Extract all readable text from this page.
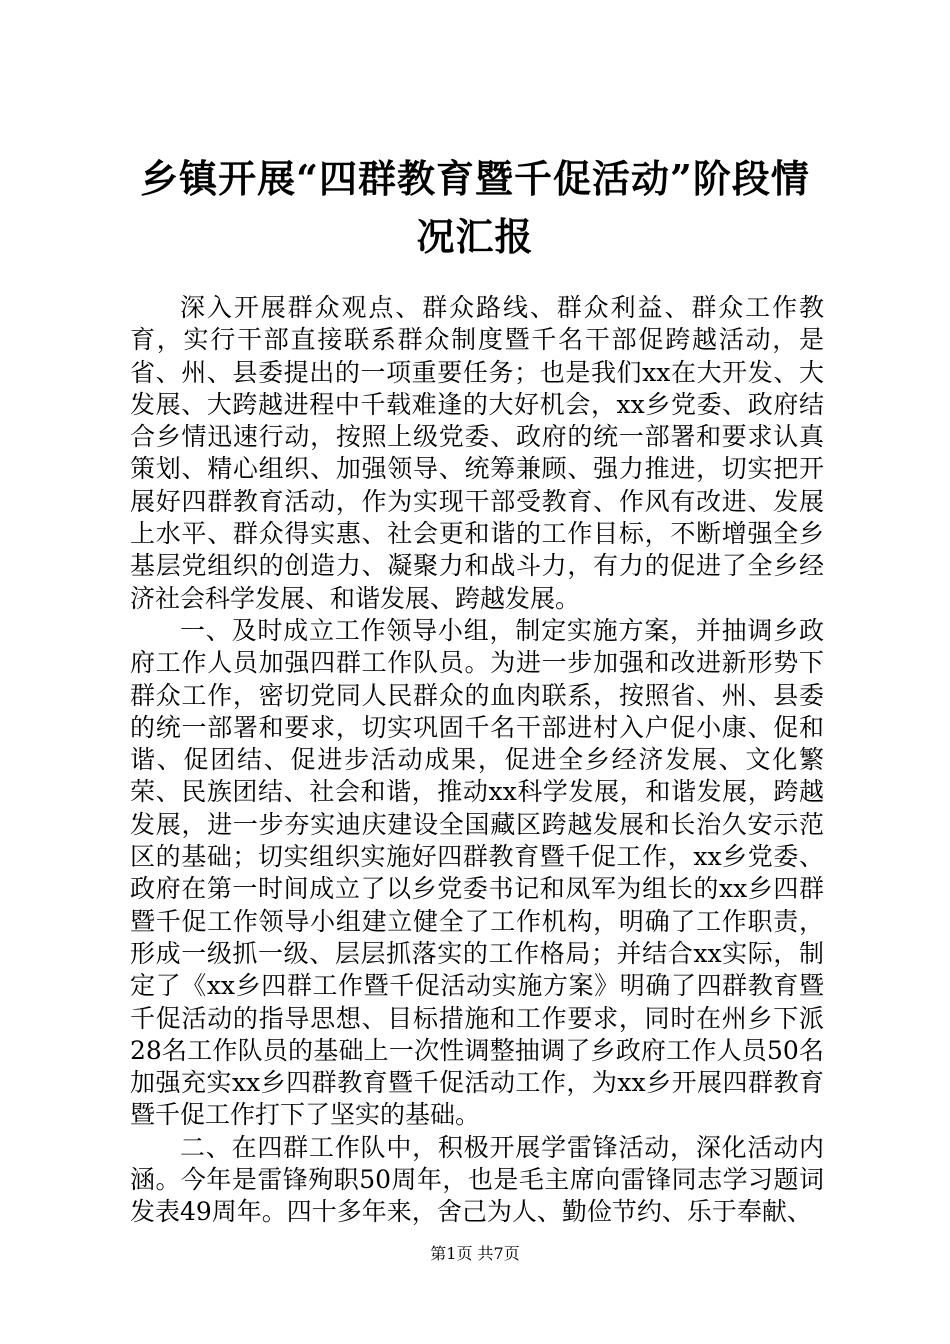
乡镇开展“四群教育暨千促活动”阶段情况汇报

深入开展群众观点、群众路线、群众利益、群众工作教育，实行干部直接联系群众制度暨千名干部促跨越活动，是省、州、县委提出的一项重要任务；也是我们xx在大开发、大发展、大跨越进程中千载难逢的大好机会，xx乡党委、政府结合乡情迅速行动，按照上级党委、政府的统一部署和要求认真策划、精心组织、加强领导、统筹兼顾、强力推进，切实把开展好四群教育活动，作为实现干部受教育、作风有改进、发展上水平、群众得实惠、社会更和谐的工作目标，不断增强全乡基层党组织的创造力、凝聚力和战斗力，有力的促进了全乡经济社会科学发展、和谐发展、跨越发展。

一、及时成立工作领导小组，制定实施方案，并抽调乡政府工作人员加强四群工作队员。为进一步加强和改进新形势下群众工作，密切党同人民群众的血肉联系，按照省、州、县委的统一部署和要求，切实巩固千名干部进村入户促小康、促和谐、促团结、促进步活动成果，促进全乡经济发展、文化繁荣、民族团结、社会和谐，推动xx科学发展，和谐发展，跨越发展，进一步夯实迪庆建设全国藏区跨越发展和长治久安示范区的基础；切实组织实施好四群教育暨千促工作，xx乡党委、政府在第一时间成立了以乡党委书记和凤军为组长的xx乡四群暨千促工作领导小组建立健全了工作机构，明确了工作职责，形成一级抓一级、层层抓落实的工作格局；并结合xx实际，制定了《xx乡四群工作暨千促活动实施方案》明确了四群教育暨千促活动的指导思想、目标措施和工作要求，同时在州乡下派28名工作队员的基础上一次性调整抽调了乡政府工作人员50名加强充实xx乡四群教育暨千促活动工作，为xx乡开展四群教育暨千促工作打下了坚实的基础。

二、在四群工作队中，积极开展学雷锋活动，深化活动内涵。今年是雷锋殉职50周年，也是毛主席向雷锋同志学习题词发表49周年。四十多年来，舍己为人、勤俭节约、乐于奉献、

第1页 共7页
